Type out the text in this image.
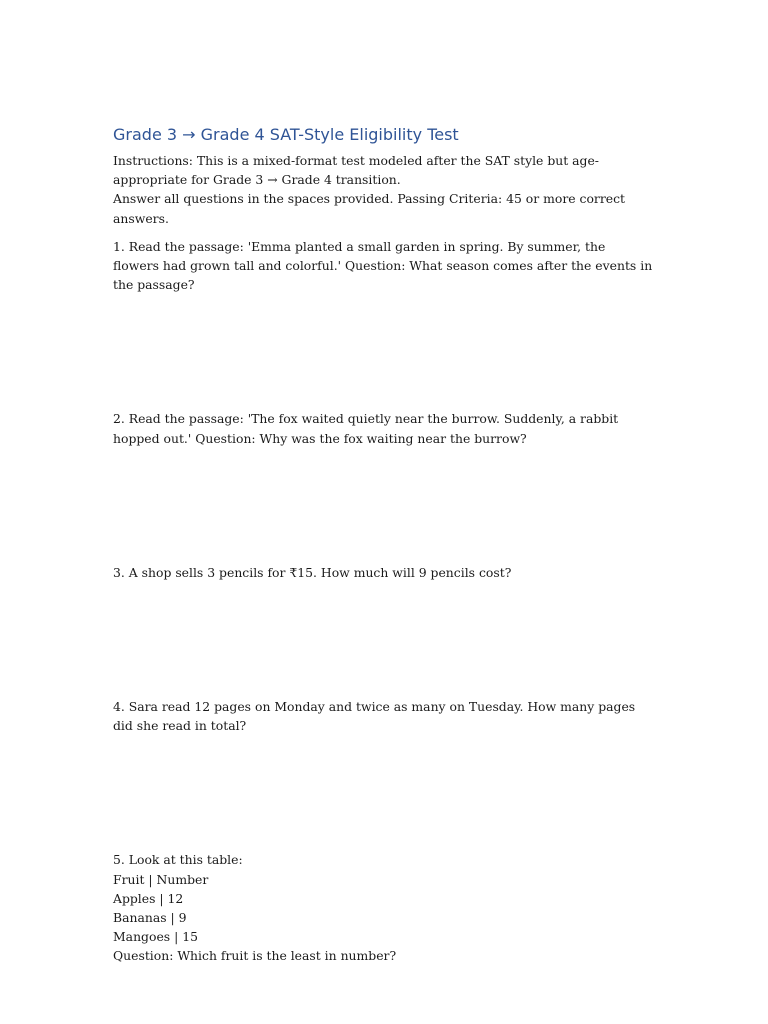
Grade 3 → Grade 4 SAT-Style Eligibility Test

Instructions: This is a mixed-format test modeled after the SAT style but age-appropriate for Grade 3 → Grade 4 transition.
Answer all questions in the spaces provided. Passing Criteria: 45 or more correct answers.

1. Read the passage: 'Emma planted a small garden in spring. By summer, the flowers had grown tall and colorful.' Question: What season comes after the events in the passage?

2. Read the passage: 'The fox waited quietly near the burrow. Suddenly, a rabbit hopped out.' Question: Why was the fox waiting near the burrow?

3. A shop sells 3 pencils for ₹15. How much will 9 pencils cost?

4. Sara read 12 pages on Monday and twice as many on Tuesday. How many pages did she read in total?

5. Look at this table:
Fruit | Number
Apples | 12
Bananas | 9
Mangoes | 15
Question: Which fruit is the least in number?
